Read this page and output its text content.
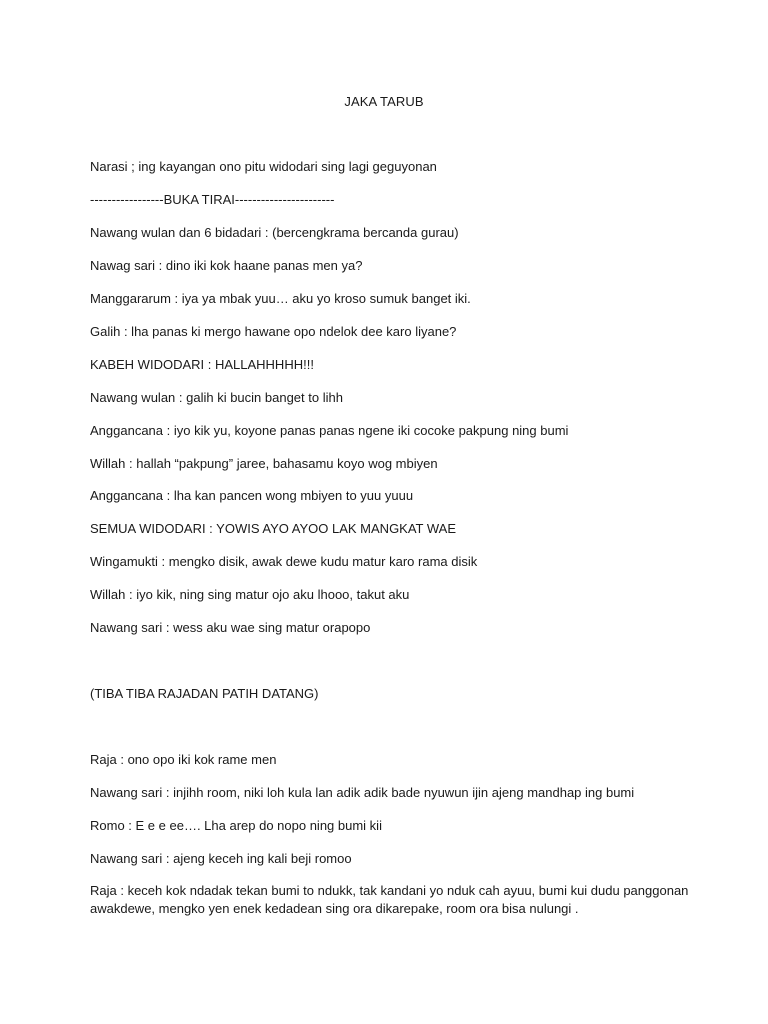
JAKA TARUB
Narasi ; ing kayangan ono pitu widodari sing lagi geguyonan
-----------------BUKA TIRAI-----------------------
Nawang wulan dan 6 bidadari : (bercengkrama bercanda gurau)
Nawag sari : dino iki kok haane panas men ya?
Manggararum : iya ya mbak yuu… aku yo kroso sumuk banget iki.
Galih : lha panas ki mergo hawane opo ndelok dee karo liyane?
KABEH WIDODARI : HALLAHHHHH!!!
Nawang wulan : galih ki bucin banget to lihh
Anggancana : iyo kik yu, koyone panas panas ngene iki cocoke pakpung ning bumi
Willah : hallah “pakpung” jaree, bahasamu koyo wog mbiyen
Anggancana : lha kan pancen wong mbiyen to yuu yuuu
SEMUA WIDODARI : YOWIS AYO AYOO LAK MANGKAT WAE
Wingamukti : mengko disik, awak dewe kudu matur karo rama disik
Willah : iyo kik, ning sing matur ojo aku lhooo, takut aku
Nawang sari : wess aku wae sing matur orapopo
(TIBA TIBA RAJADAN PATIH DATANG)
Raja : ono opo iki kok rame men
Nawang sari : injihh room, niki loh kula lan adik adik bade nyuwun ijin ajeng mandhap ing bumi
Romo : E e e ee…. Lha arep do nopo ning bumi kii
Nawang sari : ajeng keceh ing kali beji romoo
Raja : keceh kok ndadak tekan bumi to ndukk, tak kandani yo nduk cah ayuu, bumi kui dudu panggonan awakdewe, mengko yen enek kedadean sing ora dikarepake, room ora bisa nulungi .
